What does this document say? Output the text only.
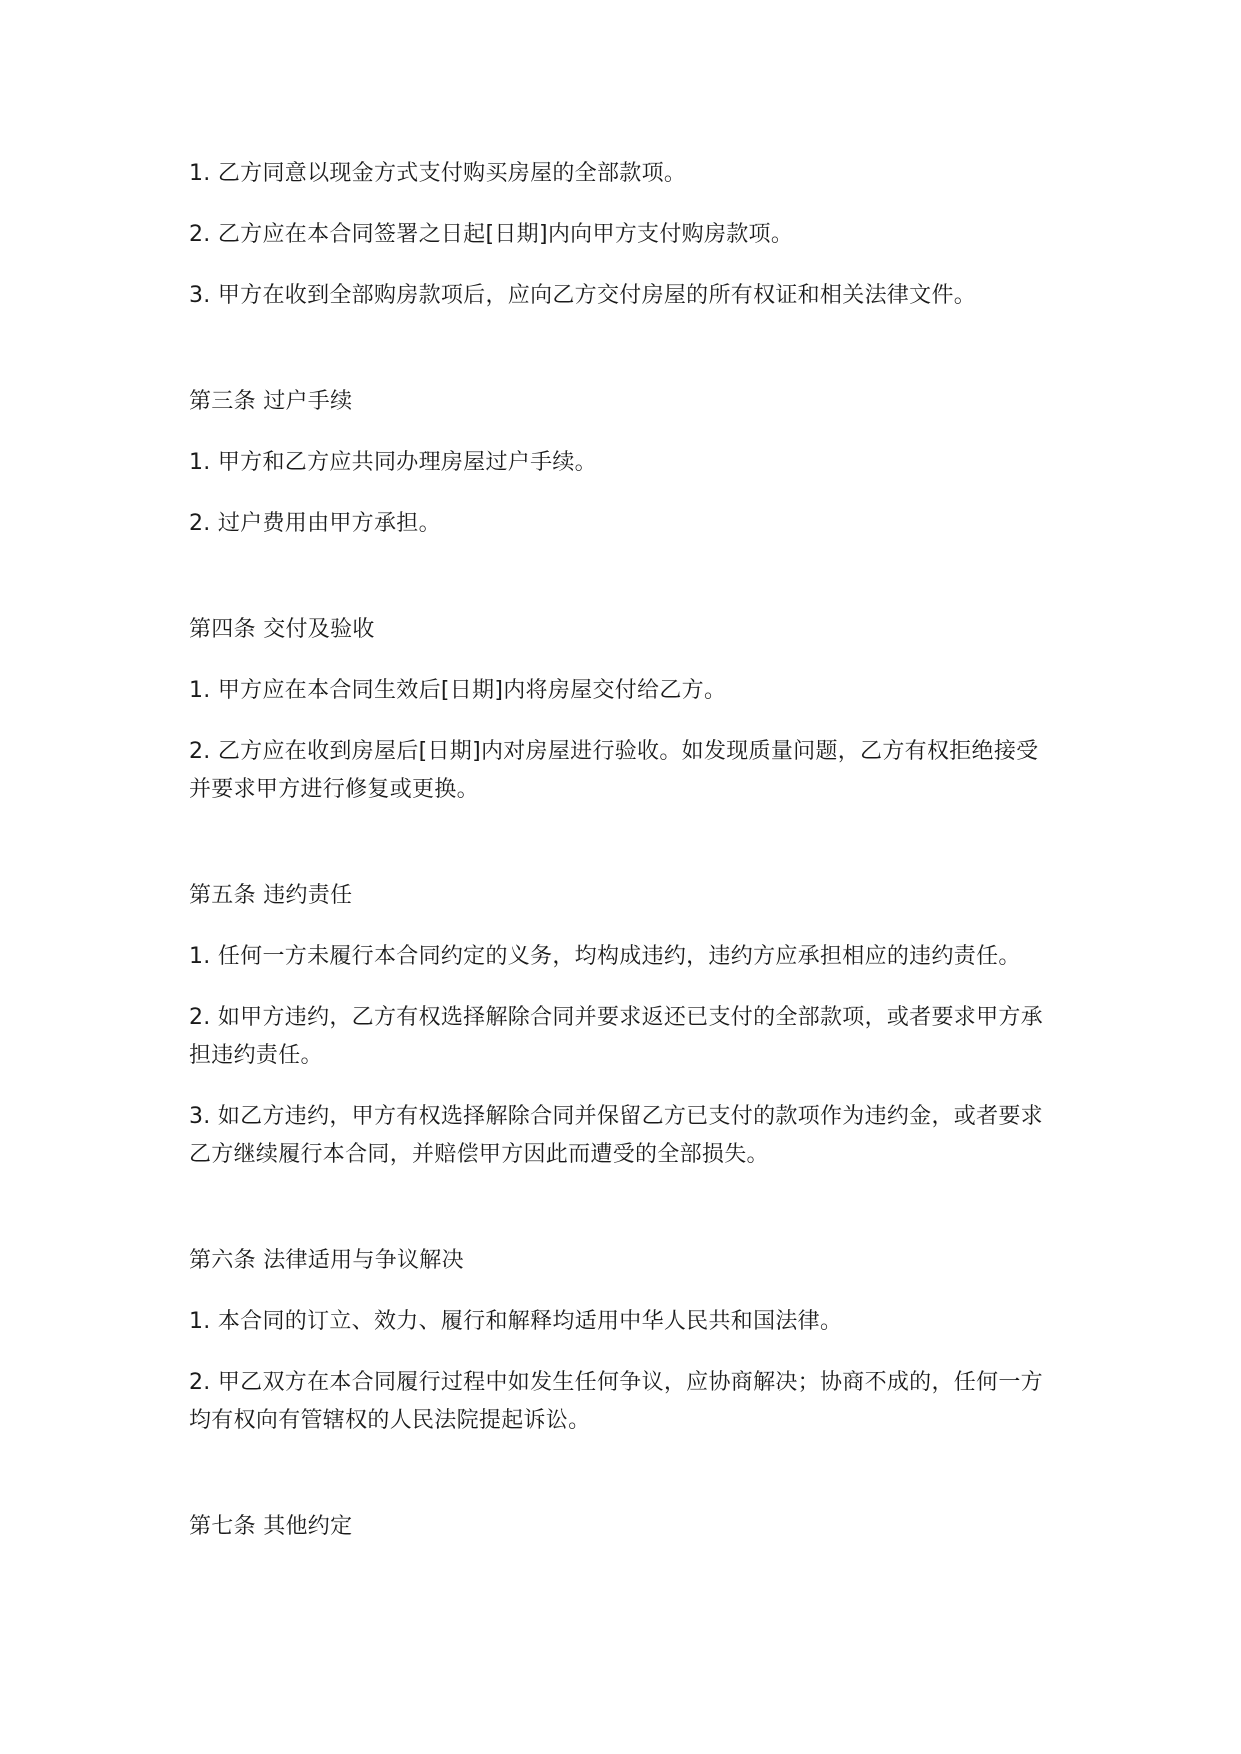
1. 乙方同意以现金方式支付购买房屋的全部款项。

2. 乙方应在本合同签署之日起[日期]内向甲方支付购房款项。

3. 甲方在收到全部购房款项后，应向乙方交付房屋的所有权证和相关法律文件。

第三条 过户手续

1. 甲方和乙方应共同办理房屋过户手续。

2. 过户费用由甲方承担。

第四条 交付及验收

1. 甲方应在本合同生效后[日期]内将房屋交付给乙方。

2. 乙方应在收到房屋后[日期]内对房屋进行验收。如发现质量问题，乙方有权拒绝接受并要求甲方进行修复或更换。

第五条 违约责任

1. 任何一方未履行本合同约定的义务，均构成违约，违约方应承担相应的违约责任。

2. 如甲方违约，乙方有权选择解除合同并要求返还已支付的全部款项，或者要求甲方承担违约责任。

3. 如乙方违约，甲方有权选择解除合同并保留乙方已支付的款项作为违约金，或者要求乙方继续履行本合同，并赔偿甲方因此而遭受的全部损失。

第六条 法律适用与争议解决

1. 本合同的订立、效力、履行和解释均适用中华人民共和国法律。

2. 甲乙双方在本合同履行过程中如发生任何争议，应协商解决；协商不成的，任何一方均有权向有管辖权的人民法院提起诉讼。

第七条 其他约定
